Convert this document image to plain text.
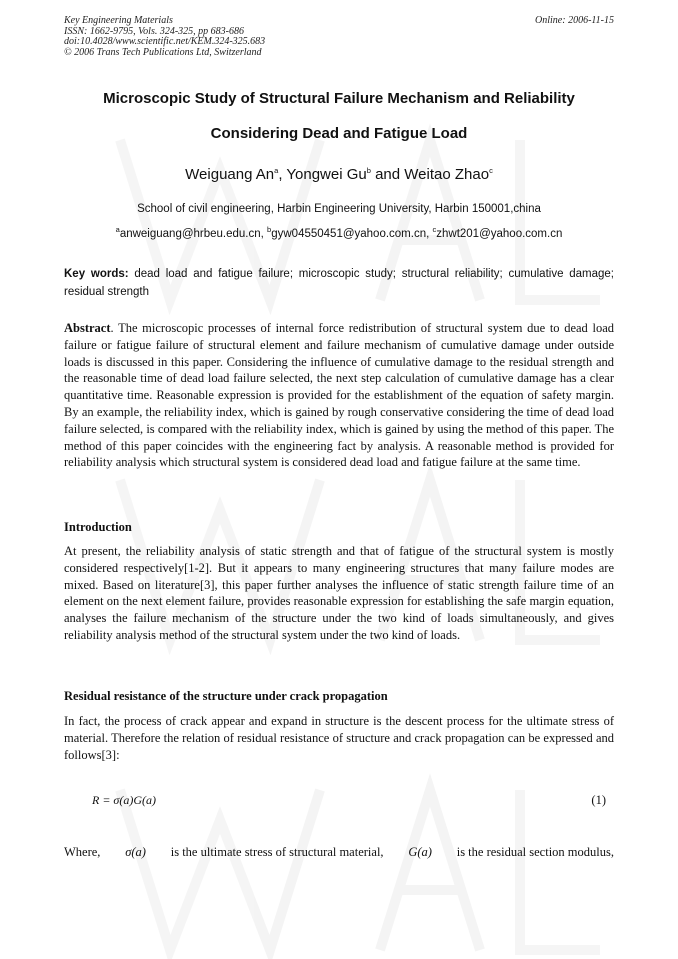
Key Engineering Materials
ISSN: 1662-9795, Vols. 324-325, pp 683-686
doi:10.4028/www.scientific.net/KEM.324-325.683
© 2006 Trans Tech Publications Ltd, Switzerland
Online: 2006-11-15
Microscopic Study of Structural Failure Mechanism and Reliability
Considering Dead and Fatigue Load
Weiguang An$^a$, Yongwei Gu$^b$ and Weitao Zhao$^c$
School of civil engineering, Harbin Engineering University, Harbin 150001,china
$^a$anweiguang@hrbeu.edu.cn, $^b$gyw04550451@yahoo.com.cn, $^c$zhwt201@yahoo.com.cn
Key words: dead load and fatigue failure; microscopic study; structural reliability; cumulative damage; residual strength
Abstract. The microscopic processes of internal force redistribution of structural system due to dead load failure or fatigue failure of structural element and failure mechanism of cumulative damage under outside loads is discussed in this paper. Considering the influence of cumulative damage to the residual strength and the reasonable time of dead load failure selected, the next step calculation of cumulative damage has a clear quantitative time. Reasonable expression is provided for the establishment of the equation of safety margin. By an example, the reliability index, which is gained by rough conservative considering the time of dead load failure selected, is compared with the reliability index, which is gained by using the method of this paper. The method of this paper coincides with the engineering fact by analysis. A reasonable method is provided for reliability analysis which structural system is considered dead load and fatigue failure at the same time.
Introduction
At present, the reliability analysis of static strength and that of fatigue of the structural system is mostly considered respectively[1-2]. But it appears to many engineering structures that many failure modes are mixed. Based on literature[3], this paper further analyses the influence of static strength failure time of an element on the next element failure, provides reasonable expression for establishing the safe margin equation, analyses the failure mechanism of the structure under the two kind of loads simultaneously, and gives reliability analysis method of the structural system under the two kind of loads.
Residual resistance of the structure under crack propagation
In fact, the process of crack appear and expand in structure is the descent process for the ultimate stress of material. Therefore the relation of residual resistance of structure and crack propagation can be expressed and follows[3]:
R = σ(a)G(a)	(1)
Where, σ(a) is the ultimate stress of structural material, G(a) is the residual section modulus,
